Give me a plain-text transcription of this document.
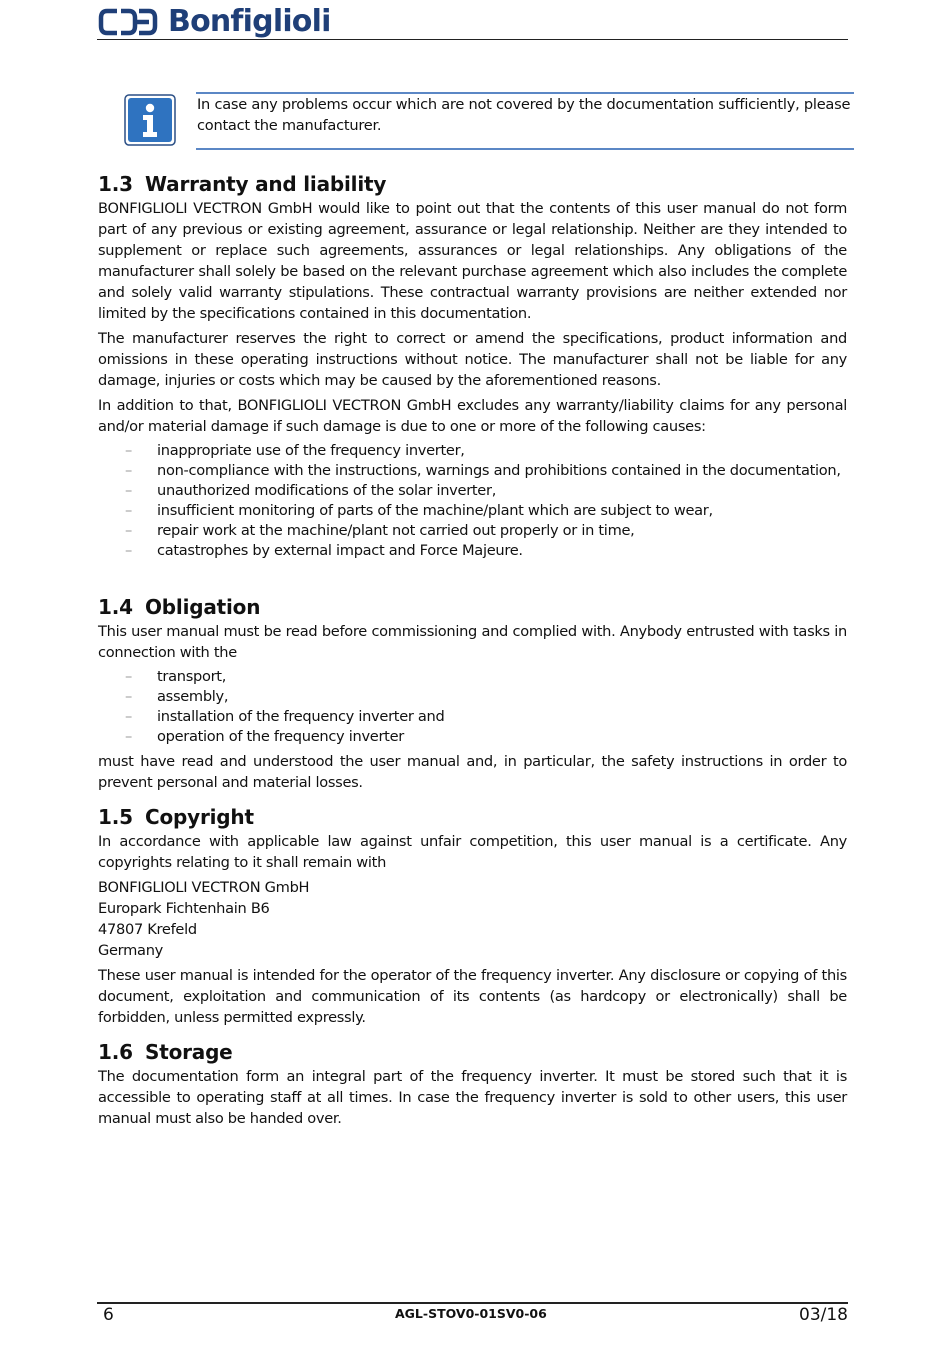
Bonfiglioli
In case any problems occur which are not covered by the documentation sufficiently, please
contact the manufacturer.
1.3 Warranty and liability

BONFIGLIOLI VECTRON GmbH would like to point out that the contents of this user manual do not form part of any previous or existing agreement, assurance or legal relationship. Neither are they intended to supplement or replace such agreements, assurances or legal relationships. Any obligations of the manufacturer shall solely be based on the relevant purchase agreement which also includes the complete and solely valid warranty stipulations. These contractual warranty provisions are neither extended nor limited by the specifications contained in this documentation.

The manufacturer reserves the right to correct or amend the specifications, product information and omissions in these operating instructions without notice. The manufacturer shall not be liable for any damage, injuries or costs which may be caused by the aforementioned reasons.

In addition to that, BONFIGLIOLI VECTRON GmbH excludes any warranty/liability claims for any personal and/or material damage if such damage is due to one or more of the following causes:

– inappropriate use of the frequency inverter,
– non-compliance with the instructions, warnings and prohibitions contained in the documentation,
– unauthorized modifications of the solar inverter,
– insufficient monitoring of parts of the machine/plant which are subject to wear,
– repair work at the machine/plant not carried out properly or in time,
– catastrophes by external impact and Force Majeure.
1.4 Obligation

This user manual must be read before commissioning and complied with. Anybody entrusted with tasks in connection with the

– transport,
– assembly,
– installation of the frequency inverter and
– operation of the frequency inverter

must have read and understood the user manual and, in particular, the safety instructions in order to prevent personal and material losses.

1.5 Copyright

In accordance with applicable law against unfair competition, this user manual is a certificate. Any copyrights relating to it shall remain with

BONFIGLIOLI VECTRON GmbH
Europark Fichtenhain B6
47807 Krefeld
Germany

These user manual is intended for the operator of the frequency inverter. Any disclosure or copying of this document, exploitation and communication of its contents (as hardcopy or electronically) shall be forbidden, unless permitted expressly.

1.6 Storage

The documentation form an integral part of the frequency inverter. It must be stored such that it is accessible to operating staff at all times. In case the frequency inverter is sold to other users, this user manual must also be handed over.

6	AGL-STOV0-01SV0-06	03/18
